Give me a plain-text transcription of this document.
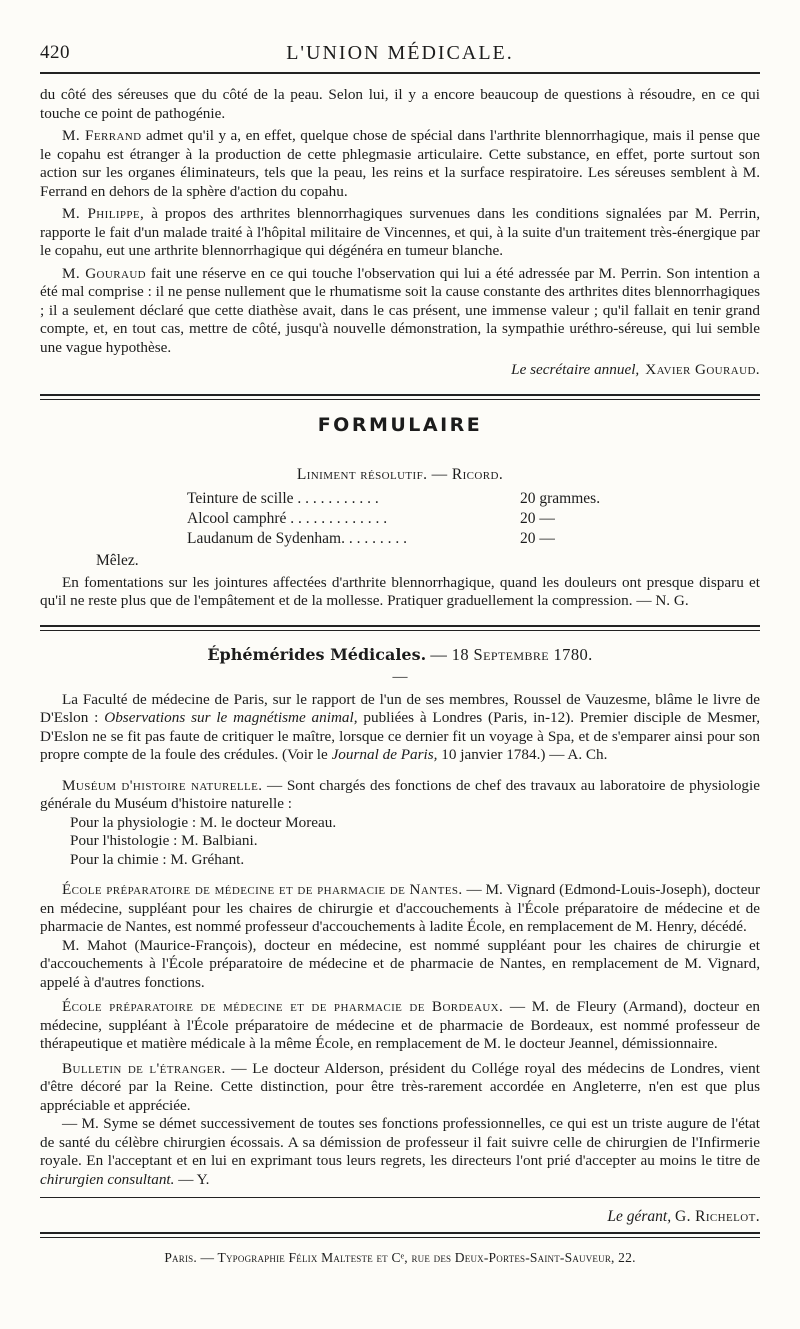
420	L'UNION MÉDICALE.

du côté des séreuses que du côté de la peau. Selon lui, il y a encore beaucoup de questions à résoudre, en ce qui touche ce point de pathogénie.

M. Ferrand admet qu'il y a, en effet, quelque chose de spécial dans l'arthrite blennorrhagique, mais il pense que le copahu est étranger à la production de cette phlegmasie articulaire. Cette substance, en effet, porte surtout son action sur les organes éliminateurs, tels que la peau, les reins et la surface respiratoire. Les séreuses semblent à M. Ferrand en dehors de la sphère d'action du copahu.

M. Philippe, à propos des arthrites blennorrhagiques survenues dans les conditions signalées par M. Perrin, rapporte le fait d'un malade traité à l'hôpital militaire de Vincennes, et qui, à la suite d'un traitement très-énergique par le copahu, eut une arthrite blennorrhagique qui dégénéra en tumeur blanche.

M. Gouraud fait une réserve en ce qui touche l'observation qui lui a été adressée par M. Perrin. Son intention a été mal comprise : il ne pense nullement que le rhumatisme soit la cause constante des arthrites dites blennorrhagiques ; il a seulement déclaré que cette diathèse avait, dans le cas présent, une immense valeur ; qu'il fallait en tenir grand compte, et, en tout cas, mettre de côté, jusqu'à nouvelle démonstration, la sympathie uréthro-séreuse, qui lui semble une vague hypothèse.

Le secrétaire annuel, Xavier Gouraud.

FORMULAIRE
Liniment résolutif. — Ricord.
Teinture de scille . . . . . . . . . . .	20 grammes.
Alcool camphré . . . . . . . . . . . . .	20 —
Laudanum de Sydenham. . . . . . . . .	20 —
Mêlez.

En fomentations sur les jointures affectées d'arthrite blennorrhagique, quand les douleurs ont presque disparu et qu'il ne reste plus que de l'empâtement et de la mollesse. Pratiquer graduellement la compression. — N. G.

Éphémérides Médicales. — 18 Septembre 1780.
—

La Faculté de médecine de Paris, sur le rapport de l'un de ses membres, Roussel de Vauzesme, blâme le livre de D'Eslon : Observations sur le magnétisme animal, publiées à Londres (Paris, in-12). Premier disciple de Mesmer, D'Eslon ne se fit pas faute de critiquer le maître, lorsque ce dernier fit un voyage à Spa, et de s'emparer ainsi pour son propre compte de la foule des crédules. (Voir le Journal de Paris, 10 janvier 1784.) — A. Ch.

Muséum d'histoire naturelle. — Sont chargés des fonctions de chef des travaux au laboratoire de physiologie générale du Muséum d'histoire naturelle :

Pour la physiologie : M. le docteur Moreau.

Pour l'histologie : M. Balbiani.

Pour la chimie : M. Gréhant.

École préparatoire de médecine et de pharmacie de Nantes. — M. Vignard (Edmond-Louis-Joseph), docteur en médecine, suppléant pour les chaires de chirurgie et d'accouchements à l'École préparatoire de médecine et de pharmacie de Nantes, est nommé professeur d'accouchements à ladite École, en remplacement de M. Henry, décédé.

M. Mahot (Maurice-François), docteur en médecine, est nommé suppléant pour les chaires de chirurgie et d'accouchements à l'École préparatoire de médecine et de pharmacie de Nantes, en remplacement de M. Vignard, appelé à d'autres fonctions.

École préparatoire de médecine et de pharmacie de Bordeaux. — M. de Fleury (Armand), docteur en médecine, suppléant à l'École préparatoire de médecine et de pharmacie de Bordeaux, est nommé professeur de thérapeutique et matière médicale à la même École, en remplacement de M. le docteur Jeannel, démissionnaire.

Bulletin de l'étranger. — Le docteur Alderson, président du Collége royal des médecins de Londres, vient d'être décoré par la Reine. Cette distinction, pour être très-rarement accordée en Angleterre, n'en est que plus appréciable et appréciée.

— M. Syme se démet successivement de toutes ses fonctions professionnelles, ce qui est un triste augure de l'état de santé du célèbre chirurgien écossais. A sa démission de professeur il fait suivre celle de chirurgien de l'Infirmerie royale. En l'acceptant et en lui en exprimant tous leurs regrets, les directeurs l'ont prié d'accepter au moins le titre de chirurgien consultant. — Y.

Le gérant, G. Richelot.
Paris. — Typographie Félix Malteste et Cᵉ, rue des Deux-Portes-Saint-Sauveur, 22.
